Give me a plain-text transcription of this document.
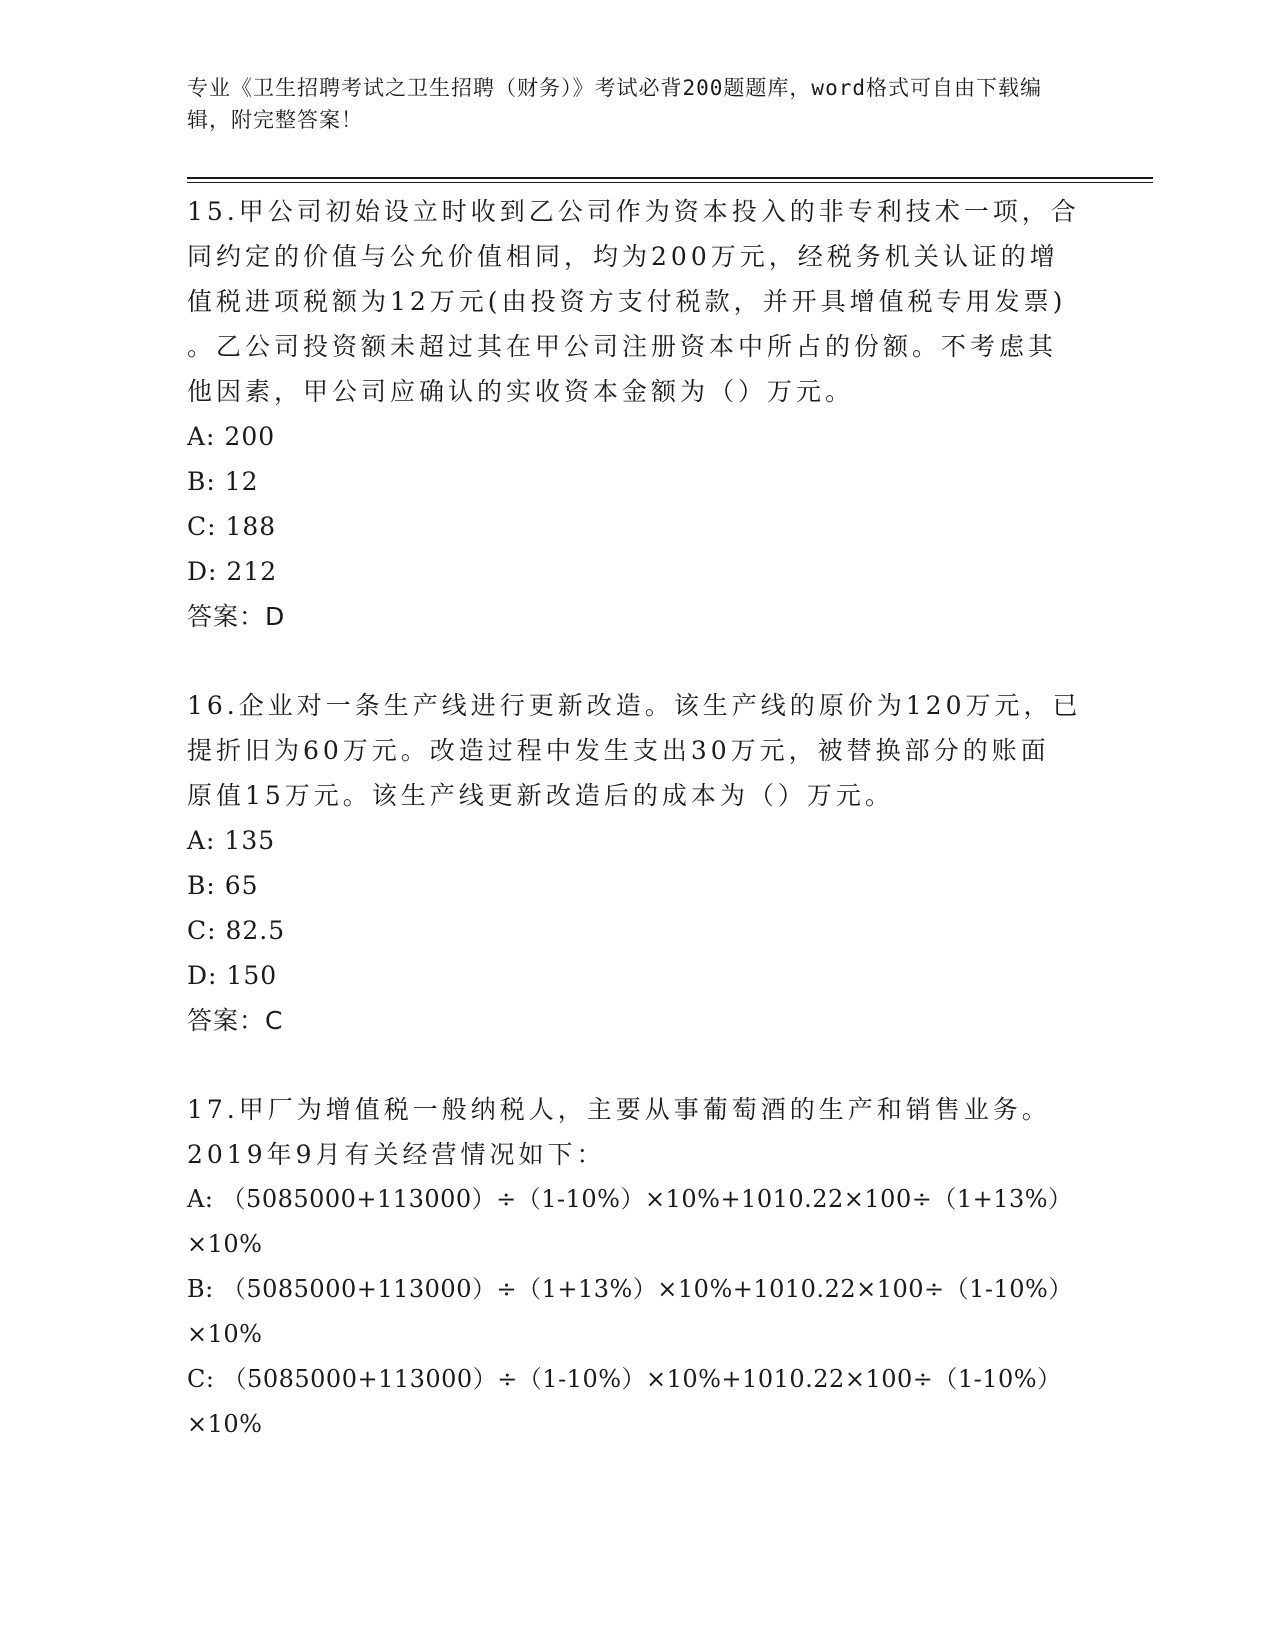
专业《卫生招聘考试之卫生招聘（财务）》考试必背200题题库，word格式可自由下载编辑，附完整答案！

15.甲公司初始设立时收到乙公司作为资本投入的非专利技术一项，合

同约定的价值与公允价值相同，均为200万元，经税务机关认证的增

值税进项税额为12万元(由投资方支付税款，并开具增值税专用发票)

。乙公司投资额未超过其在甲公司注册资本中所占的份额。不考虑其

他因素，甲公司应确认的实收资本金额为（）万元。

A: 200

B: 12

C: 188

D: 212

答案：D

16.企业对一条生产线进行更新改造。该生产线的原价为120万元，已

提折旧为60万元。改造过程中发生支出30万元，被替换部分的账面

原值15万元。该生产线更新改造后的成本为（）万元。

A: 135

B: 65

C: 82.5

D: 150

答案：C

17.甲厂为增值税一般纳税人，主要从事葡萄酒的生产和销售业务。

2019年9月有关经营情况如下：

A: （5085000+113000）÷（1-10%）×10%+1010.22×100÷（1+13%）

×10%

B: （5085000+113000）÷（1+13%）×10%+1010.22×100÷（1-10%）

×10%

C: （5085000+113000）÷（1-10%）×10%+1010.22×100÷（1-10%）

×10%
